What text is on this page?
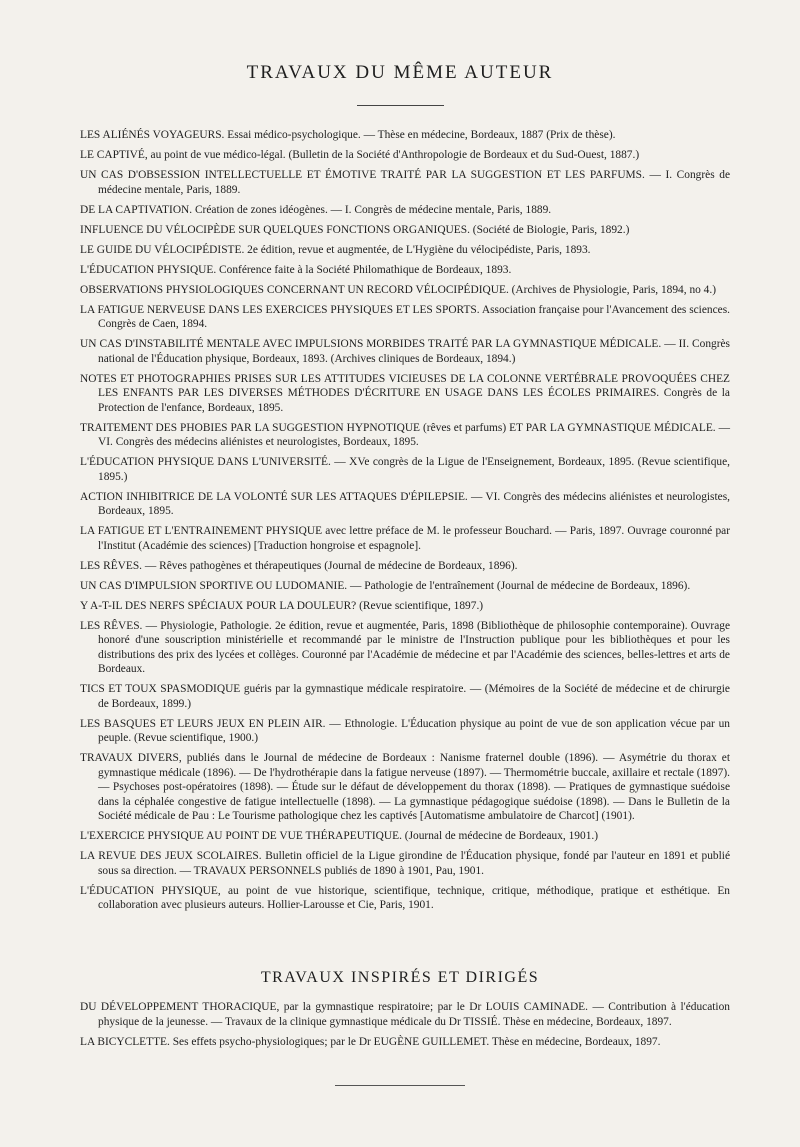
TRAVAUX DU MÊME AUTEUR

LES ALIÉNÉS VOYAGEURS. Essai médico-psychologique. — Thèse en médecine, Bordeaux, 1887 (Prix de thèse).

LE CAPTIVÉ, au point de vue médico-légal. (Bulletin de la Société d'Anthropologie de Bordeaux et du Sud-Ouest, 1887.)

UN CAS D'OBSESSION INTELLECTUELLE ET ÉMOTIVE TRAITÉ PAR LA SUGGESTION ET LES PARFUMS. — I. Congrès de médecine mentale, Paris, 1889.

DE LA CAPTIVATION. Création de zones idéogènes. — I. Congrès de médecine mentale, Paris, 1889.

INFLUENCE DU VÉLOCIPÈDE SUR QUELQUES FONCTIONS ORGANIQUES. (Société de Biologie, Paris, 1892.)

LE GUIDE DU VÉLOCIPÉDISTE. 2e édition, revue et augmentée, de L'Hygiène du vélocipédiste, Paris, 1893.

L'ÉDUCATION PHYSIQUE. Conférence faite à la Société Philomathique de Bordeaux, 1893.

OBSERVATIONS PHYSIOLOGIQUES CONCERNANT UN RECORD VÉLOCIPÉDIQUE. (Archives de Physiologie, Paris, 1894, no 4.)

LA FATIGUE NERVEUSE DANS LES EXERCICES PHYSIQUES ET LES SPORTS. Association française pour l'Avancement des sciences. Congrès de Caen, 1894.

UN CAS D'INSTABILITÉ MENTALE AVEC IMPULSIONS MORBIDES TRAITÉ PAR LA GYMNASTIQUE MÉDICALE. — II. Congrès national de l'Éducation physique, Bordeaux, 1893. (Archives cliniques de Bordeaux, 1894.)

NOTES ET PHOTOGRAPHIES PRISES SUR LES ATTITUDES VICIEUSES DE LA COLONNE VERTÉBRALE PROVOQUÉES CHEZ LES ENFANTS PAR LES DIVERSES MÉTHODES D'ÉCRITURE EN USAGE DANS LES ÉCOLES PRIMAIRES. Congrès de la Protection de l'enfance, Bordeaux, 1895.

TRAITEMENT DES PHOBIES PAR LA SUGGESTION HYPNOTIQUE (rêves et parfums) ET PAR LA GYMNASTIQUE MÉDICALE. — VI. Congrès des médecins aliénistes et neurologistes, Bordeaux, 1895.

L'ÉDUCATION PHYSIQUE DANS L'UNIVERSITÉ. — XVe congrès de la Ligue de l'Enseignement, Bordeaux, 1895. (Revue scientifique, 1895.)

ACTION INHIBITRICE DE LA VOLONTÉ SUR LES ATTAQUES D'ÉPILEPSIE. — VI. Congrès des médecins aliénistes et neurologistes, Bordeaux, 1895.

LA FATIGUE ET L'ENTRAINEMENT PHYSIQUE avec lettre préface de M. le professeur Bouchard. — Paris, 1897. Ouvrage couronné par l'Institut (Académie des sciences) [Traduction hongroise et espagnole].

LES RÊVES. — Rêves pathogènes et thérapeutiques (Journal de médecine de Bordeaux, 1896).

UN CAS D'IMPULSION SPORTIVE OU LUDOMANIE. — Pathologie de l'entraînement (Journal de médecine de Bordeaux, 1896).

Y A-T-IL DES NERFS SPÉCIAUX POUR LA DOULEUR? (Revue scientifique, 1897.)

LES RÊVES. — Physiologie, Pathologie. 2e édition, revue et augmentée, Paris, 1898 (Bibliothèque de philosophie contemporaine). Ouvrage honoré d'une souscription ministérielle et recommandé par le ministre de l'Instruction publique pour les bibliothèques et pour les distributions des prix des lycées et collèges. Couronné par l'Académie de médecine et par l'Académie des sciences, belles-lettres et arts de Bordeaux.

TICS ET TOUX SPASMODIQUE guéris par la gymnastique médicale respiratoire. — (Mémoires de la Société de médecine et de chirurgie de Bordeaux, 1899.)

LES BASQUES ET LEURS JEUX EN PLEIN AIR. — Ethnologie. L'Éducation physique au point de vue de son application vécue par un peuple. (Revue scientifique, 1900.)

TRAVAUX DIVERS, publiés dans le Journal de médecine de Bordeaux : Nanisme fraternel double (1896). — Asymétrie du thorax et gymnastique médicale (1896). — De l'hydrothérapie dans la fatigue nerveuse (1897). — Thermométrie buccale, axillaire et rectale (1897). — Psychoses post-opératoires (1898). — Étude sur le défaut de développement du thorax (1898). — Pratiques de gymnastique suédoise dans la céphalée congestive de fatigue intellectuelle (1898). — La gymnastique pédagogique suédoise (1898). — Dans le Bulletin de la Société médicale de Pau : Le Tourisme pathologique chez les captivés [Automatisme ambulatoire de Charcot] (1901).

L'EXERCICE PHYSIQUE AU POINT DE VUE THÉRAPEUTIQUE. (Journal de médecine de Bordeaux, 1901.)

LA REVUE DES JEUX SCOLAIRES. Bulletin officiel de la Ligue girondine de l'Éducation physique, fondé par l'auteur en 1891 et publié sous sa direction. — TRAVAUX PERSONNELS publiés de 1890 à 1901, Pau, 1901.

L'ÉDUCATION PHYSIQUE, au point de vue historique, scientifique, technique, critique, méthodique, pratique et esthétique. En collaboration avec plusieurs auteurs. Hollier-Larousse et Cie, Paris, 1901.

TRAVAUX INSPIRÉS ET DIRIGÉS

DU DÉVELOPPEMENT THORACIQUE, par la gymnastique respiratoire; par le Dr LOUIS CAMINADE. — Contribution à l'éducation physique de la jeunesse. — Travaux de la clinique gymnastique médicale du Dr TISSIÉ. Thèse en médecine, Bordeaux, 1897.

LA BICYCLETTE. Ses effets psycho-physiologiques; par le Dr EUGÈNE GUILLEMET. Thèse en médecine, Bordeaux, 1897.
